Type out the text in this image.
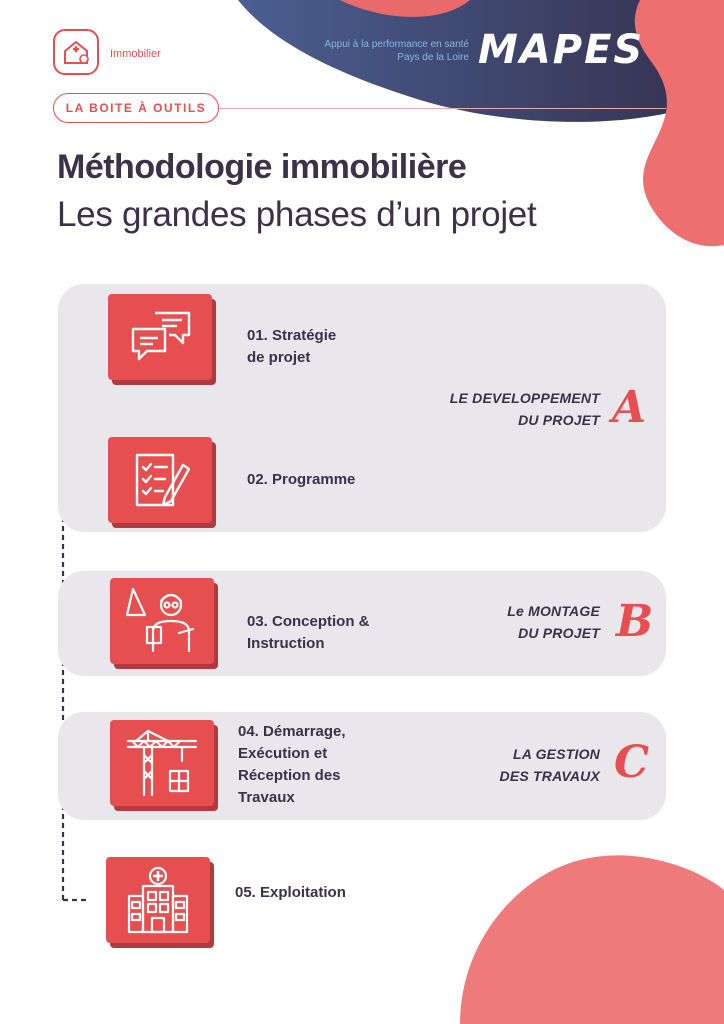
Immobilier
Appui à la performance en santé
Pays de la Loire MAPES
LA BOITE À OUTILS
Méthodologie immobilière
Les grandes phases d’un projet
LE DEVELOPPEMENT
DU PROJET A
Le MONTAGE
DU PROJET B
LA GESTION
DES TRAVAUX C
01. Stratégie
de projet
02. Programme
03. Conception &
Instruction
04. Démarrage,
Exécution et
Réception des
Travaux
05. Exploitation
